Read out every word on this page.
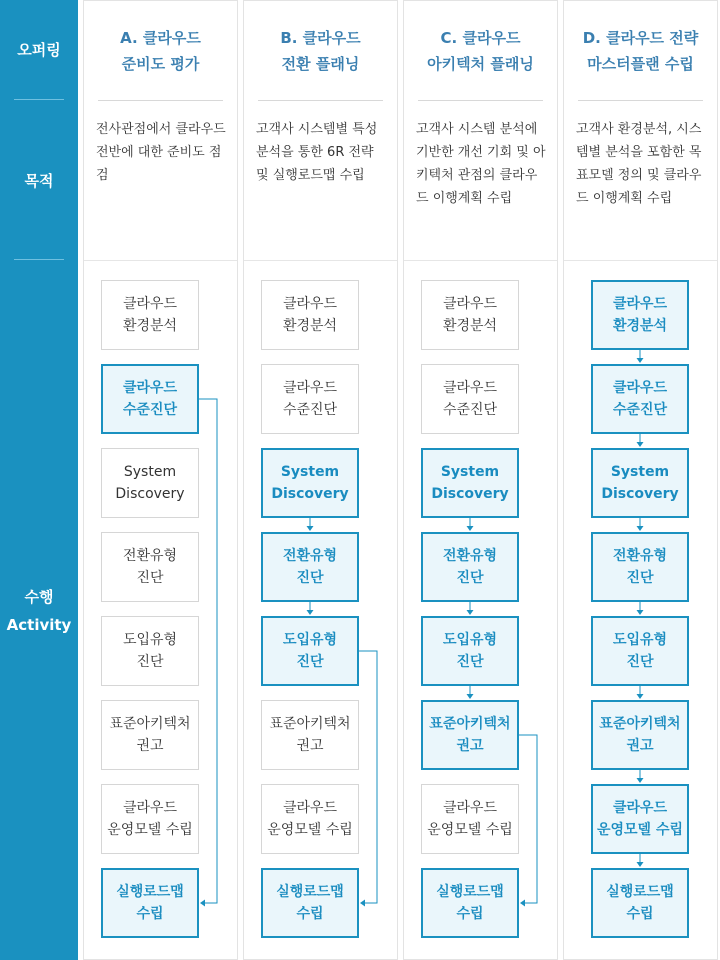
오퍼링
목적
수행
Activity
A. 클라우드
준비도 평가
전사관점에서 클라우드 전반에 대한 준비도 점검
B. 클라우드
전환 플래닝
고객사 시스템별 특성 분석을 통한 6R 전략 및 실행로드맵 수립
C. 클라우드
아키텍처 플래닝
고객사 시스템 분석에 기반한 개선 기회 및 아키텍처 관점의 클라우드 이행계획 수립
D. 클라우드 전략
마스터플랜 수립
고객사 환경분석, 시스템별 분석을 포함한 목표모델 정의 및 클라우드 이행계획 수립
클라우드
환경분석
클라우드
수준진단
System
Discovery
전환유형
진단
도입유형
진단
표준아키텍처
권고
클라우드
운영모델 수립
실행로드맵
수립
클라우드
환경분석
클라우드
수준진단
System
Discovery
전환유형
진단
도입유형
진단
표준아키텍처
권고
클라우드
운영모델 수립
실행로드맵
수립
클라우드
환경분석
클라우드
수준진단
System
Discovery
전환유형
진단
도입유형
진단
표준아키텍처
권고
클라우드
운영모델 수립
실행로드맵
수립
클라우드
환경분석
클라우드
수준진단
System
Discovery
전환유형
진단
도입유형
진단
표준아키텍처
권고
클라우드
운영모델 수립
실행로드맵
수립
